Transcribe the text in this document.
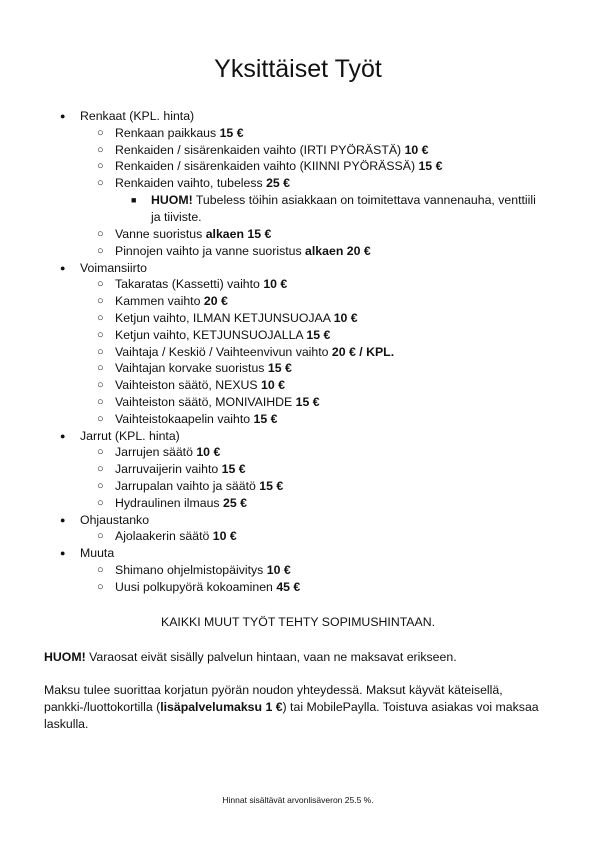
Yksittäiset Työt
● Renkaat (KPL. hinta)
○ Renkaan paikkaus 15 €
○ Renkaiden / sisärenkaiden vaihto (IRTI PYÖRÄSTÄ) 10 €
○ Renkaiden / sisärenkaiden vaihto (KIINNI PYÖRÄSSÄ) 15 €
○ Renkaiden vaihto, tubeless 25 €
■ HUOM! Tubeless töihin asiakkaan on toimitettava vannenauha, venttiili ja tiiviste.
○ Vanne suoristus alkaen 15 €
○ Pinnojen vaihto ja vanne suoristus alkaen 20 €
● Voimansiirto
○ Takaratas (Kassetti) vaihto 10 €
○ Kammen vaihto 20 €
○ Ketjun vaihto, ILMAN KETJUNSUOJAA 10 €
○ Ketjun vaihto, KETJUNSUOJALLA 15 €
○ Vaihtaja / Keskiö / Vaihteenvivun vaihto 20 € / KPL.
○ Vaihtajan korvake suoristus 15 €
○ Vaihteiston säätö, NEXUS 10 €
○ Vaihteiston säätö, MONIVAIHDE 15 €
○ Vaihteistokaapelin vaihto 15 €
● Jarrut (KPL. hinta)
○ Jarrujen säätö 10 €
○ Jarruvaijerin vaihto 15 €
○ Jarrupalan vaihto ja säätö 15 €
○ Hydraulinen ilmaus 25 €
● Ohjaustanko
○ Ajolaakerin säätö 10 €
● Muuta
○ Shimano ohjelmistopäivitys 10 €
○ Uusi polkupyörä kokoaminen 45 €
KAIKKI MUUT TYÖT TEHTY SOPIMUSHINTAAN.
HUOM! Varaosat eivät sisälly palvelun hintaan, vaan ne maksavat erikseen.
Maksu tulee suorittaa korjatun pyörän noudon yhteydessä. Maksut käyvät käteisellä, pankki-/luottokortilla (lisäpalvelumaksu 1 €) tai MobilePaylla. Toistuva asiakas voi maksaa laskulla.
Hinnat sisältävät arvonlisäveron 25.5 %.
